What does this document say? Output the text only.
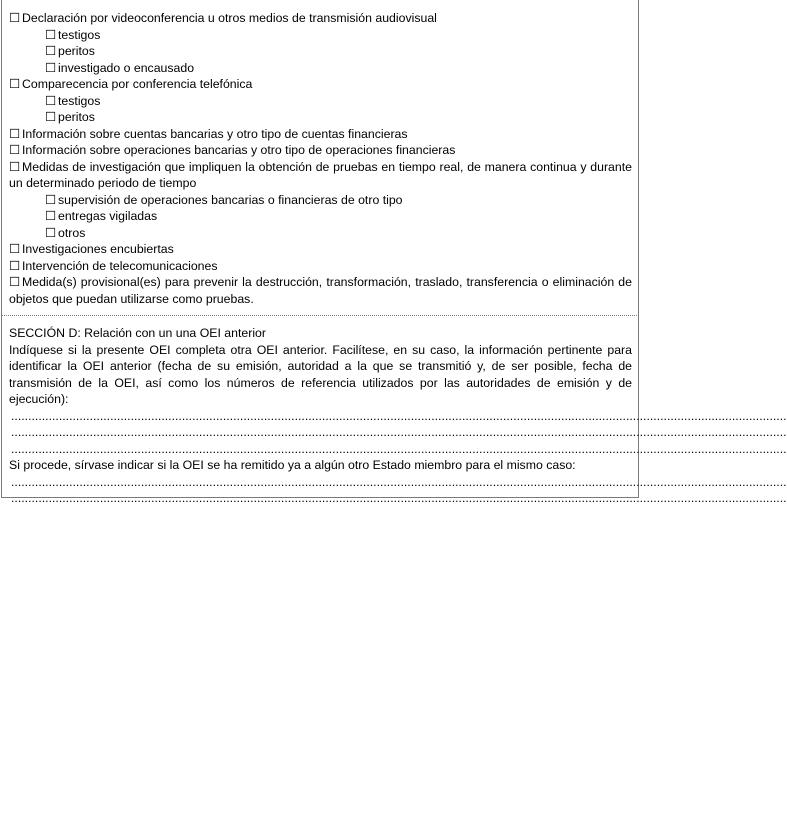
☐ Declaración por videoconferencia u otros medios de transmisión audiovisual
☐ testigos
☐ peritos
☐ investigado o encausado
☐ Comparecencia por conferencia telefónica
☐ testigos
☐ peritos
☐ Información sobre cuentas bancarias y otro tipo de cuentas financieras
☐ Información sobre operaciones bancarias y otro tipo de operaciones financieras
☐ Medidas de investigación que impliquen la obtención de pruebas en tiempo real, de manera continua y durante un determinado periodo de tiempo
☐ supervisión de operaciones bancarias o financieras de otro tipo
☐ entregas vigiladas
☐ otros
☐ Investigaciones encubiertas
☐ Intervención de telecomunicaciones
☐ Medida(s) provisional(es) para prevenir la destrucción, transformación, traslado, transferencia o eliminación de objetos que puedan utilizarse como pruebas.
SECCIÓN D: Relación con un una OEI anterior
Indíquese si la presente OEI completa otra OEI anterior. Facilítese, en su caso, la información pertinente para identificar la OEI anterior (fecha de su emisión, autoridad a la que se transmitió y, de ser posible, fecha de transmisión de la OEI, así como los números de referencia utilizados por las autoridades de emisión y de ejecución):
...................................................................................................................................................................................................................................
...................................................................................................................................................................................................................................
...................................................................................................................................................................................................................................
Si procede, sírvase indicar si la OEI se ha remitido ya a algún otro Estado miembro para el mismo caso:
...................................................................................................................................................................................................................................
...................................................................................................................................................................................................................................
